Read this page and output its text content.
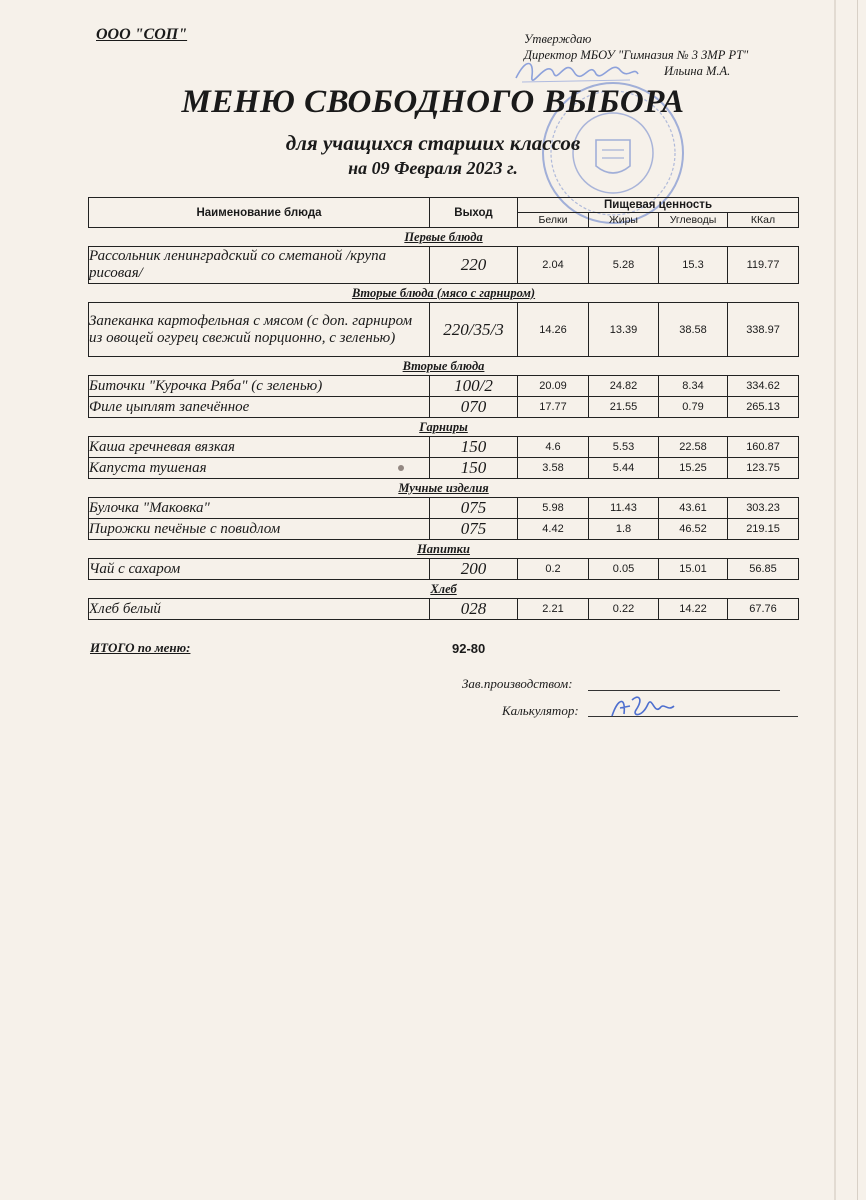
ООО "СОП"	Утверждаю
Директор МБОУ "Гимназия № 3 ЗМР РТ"
Ильина М.А.
МЕНЮ СВОБОДНОГО ВЫБОРА
для учащихся старших классов
на 09 Февраля 2023 г.
Наименование блюда	Выход	Пищевая ценность			
		Белки	Жиры	Углеводы	ККал
Первые блюда					
Рассольник ленинградский со сметаной /крупа рисовая/	220	2.04	5.28	15.3	119.77
Вторые блюда (мясо с гарниром)					
Запеканка картофельная с мясом (с доп. гарниром из овощей огурец свежий порционно, с зеленью)	220/35/3	14.26	13.39	38.58	338.97
Вторые блюда					
Биточки "Курочка Ряба" (с зеленью)	100/2	20.09	24.82	8.34	334.62
Филе цыплят запечённое	070	17.77	21.55	0.79	265.13
Гарниры					
Каша гречневая вязкая	150	4.6	5.53	22.58	160.87
Капуста тушеная	150	3.58	5.44	15.25	123.75
Мучные изделия					
Булочка "Маковка"	075	5.98	11.43	43.61	303.23
Пирожки печёные с повидлом	075	4.42	1.8	46.52	219.15
Напитки					
Чай с сахаром	200	0.2	0.05	15.01	56.85
Хлеб					
Хлеб белый	028	2.21	0.22	14.22	67.76
ИТОГО по меню:	92-80
Зав.производством:
Калькулятор:
